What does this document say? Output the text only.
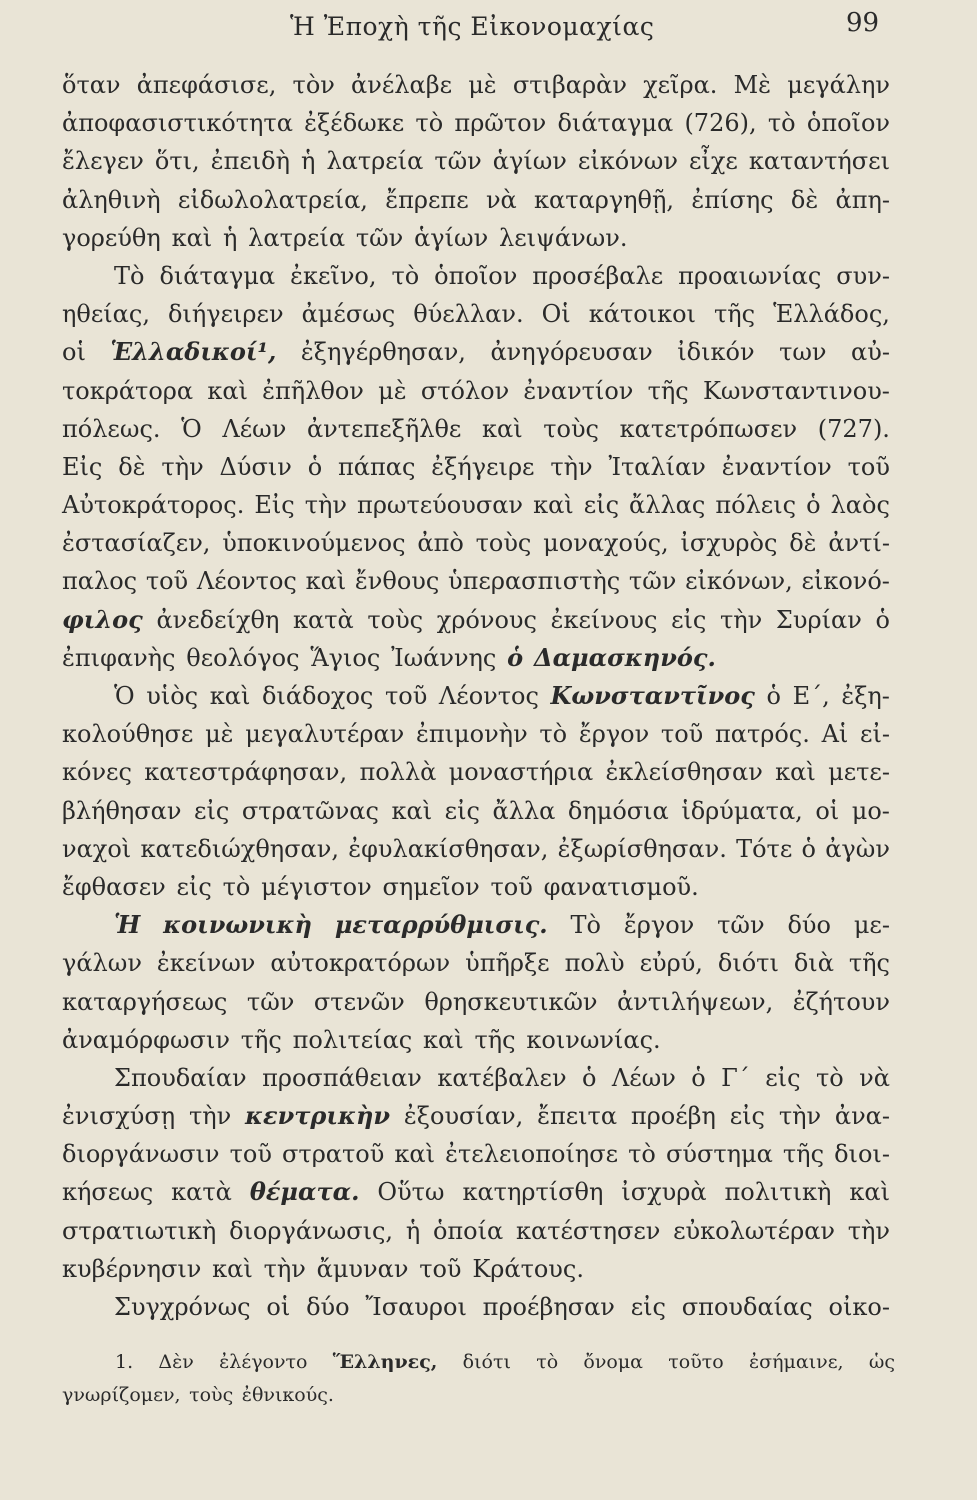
Ἡ Ἐποχὴ τῆς Εἰκονομαχίας	99
ὅταν ἀπεφάσισε, τὸν ἀνέλαβε μὲ στιβαρὰν χεῖρα. Μὲ μεγάλην
ἀποφασιστικότητα ἐξέδωκε τὸ πρῶτον διάταγμα (726), τὸ ὁποῖον
ἔλεγεν ὅτι, ἐπειδὴ ἡ λατρεία τῶν ἁγίων εἰκόνων εἶχε καταντήσει
ἀληθινὴ εἰδωλολατρεία, ἔπρεπε νὰ καταργηθῇ, ἐπίσης δὲ ἀπη-
γορεύθη καὶ ἡ λατρεία τῶν ἁγίων λειψάνων.
Τὸ διάταγμα ἐκεῖνο, τὸ ὁποῖον προσέβαλε προαιωνίας συν-
ηθείας, διήγειρεν ἀμέσως θύελλαν. Οἱ κάτοικοι τῆς Ἑλλάδος,
οἱ Ἑλλαδικοί¹, ἐξηγέρθησαν, ἀνηγόρευσαν ἰδικόν των αὐ-
τοκράτορα καὶ ἐπῆλθον μὲ στόλον ἐναντίον τῆς Κωνσταντινου-
πόλεως. Ὁ Λέων ἀντεπεξῆλθε καὶ τοὺς κατετρόπωσεν (727).
Εἰς δὲ τὴν Δύσιν ὁ πάπας ἐξήγειρε τὴν Ἰταλίαν ἐναντίον τοῦ
Αὐτοκράτορος. Εἰς τὴν πρωτεύουσαν καὶ εἰς ἄλλας πόλεις ὁ λαὸς
ἐστασίαζεν, ὑποκινούμενος ἀπὸ τοὺς μοναχούς, ἰσχυρὸς δὲ ἀντί-
παλος τοῦ Λέοντος καὶ ἔνθους ὑπερασπιστὴς τῶν εἰκόνων, εἰκονό-
φιλος ἀνεδείχθη κατὰ τοὺς χρόνους ἐκείνους εἰς τὴν Συρίαν ὁ
ἐπιφανὴς θεολόγος Ἅγιος Ἰωάννης ὁ Δαμασκηνός.
Ὁ υἱὸς καὶ διάδοχος τοῦ Λέοντος Κωνσταντῖνος ὁ Ε΄, ἐξη-
κολούθησε μὲ μεγαλυτέραν ἐπιμονὴν τὸ ἔργον τοῦ πατρός. Αἱ εἰ-
κόνες κατεστράφησαν, πολλὰ μοναστήρια ἐκλείσθησαν καὶ μετε-
βλήθησαν εἰς στρατῶνας καὶ εἰς ἄλλα δημόσια ἱδρύματα, οἱ μο-
ναχοὶ κατεδιώχθησαν, ἐφυλακίσθησαν, ἐξωρίσθησαν. Τότε ὁ ἀγὼν
ἔφθασεν εἰς τὸ μέγιστον σημεῖον τοῦ φανατισμοῦ.
Ἡ κοινωνικὴ μεταρρύθμισις. Τὸ ἔργον τῶν δύο με-
γάλων ἐκείνων αὐτοκρατόρων ὑπῆρξε πολὺ εὐρύ, διότι διὰ τῆς
καταργήσεως τῶν στενῶν θρησκευτικῶν ἀντιλήψεων, ἐζήτουν
ἀναμόρφωσιν τῆς πολιτείας καὶ τῆς κοινωνίας.
Σπουδαίαν προσπάθειαν κατέβαλεν ὁ Λέων ὁ Γ΄ εἰς τὸ νὰ
ἐνισχύσῃ τὴν κεντρικὴν ἐξουσίαν, ἔπειτα προέβη εἰς τὴν ἀνα-
διοργάνωσιν τοῦ στρατοῦ καὶ ἐτελειοποίησε τὸ σύστημα τῆς διοι-
κήσεως κατὰ θέματα. Οὕτω κατηρτίσθη ἰσχυρὰ πολιτικὴ καὶ
στρατιωτικὴ διοργάνωσις, ἡ ὁποία κατέστησεν εὐκολωτέραν τὴν
κυβέρνησιν καὶ τὴν ἄμυναν τοῦ Κράτους.
Συγχρόνως οἱ δύο Ἴσαυροι προέβησαν εἰς σπουδαίας οἰκο-
1. Δὲν ἐλέγοντο Ἕλληνες, διότι τὸ ὄνομα τοῦτο ἐσήμαινε, ὡς
γνωρίζομεν, τοὺς ἐθνικούς.
